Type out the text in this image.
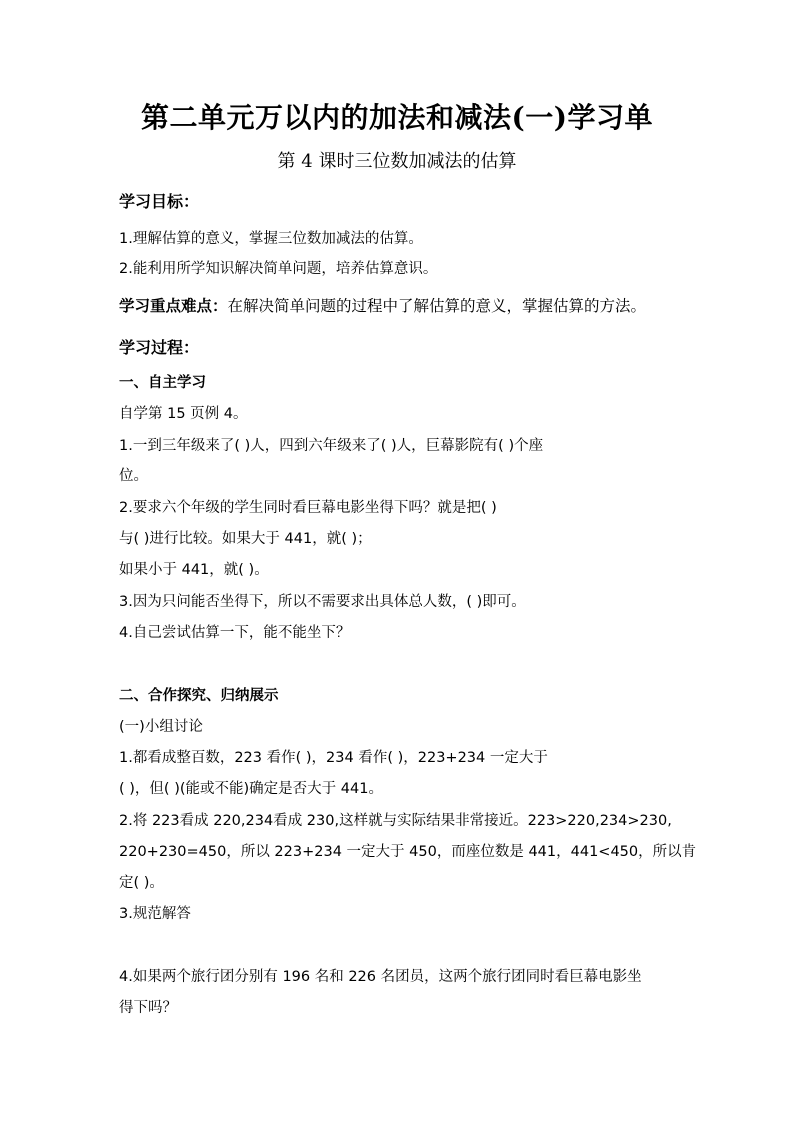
第二单元万以内的加法和减法(一)学习单
第 4 课时三位数加减法的估算
学习目标：
1.理解估算的意义，掌握三位数加减法的估算。
2.能利用所学知识解决简单问题，培养估算意识。
学习重点难点：在解决简单问题的过程中了解估算的意义，掌握估算的方法。
学习过程：
一、自主学习
自学第 15 页例 4。
1.一到三年级来了( )人，四到六年级来了( )人，巨幕影院有( )个座
位。
2.要求六个年级的学生同时看巨幕电影坐得下吗？就是把( )
与( )进行比较。如果大于 441，就( )；
如果小于 441，就( )。
3.因为只问能否坐得下，所以不需要求出具体总人数，( )即可。
4.自己尝试估算一下，能不能坐下？
二、合作探究、归纳展示
(一)小组讨论
1.都看成整百数，223 看作( )，234 看作( )，223+234 一定大于
( )，但( )(能或不能)确定是否大于 441。
2.将 223看成 220,234看成 230,这样就与实际结果非常接近。223>220,234>230,
220+230=450，所以 223+234 一定大于 450，而座位数是 441，441<450，所以肯
定( )。
3.规范解答
4.如果两个旅行团分别有 196 名和 226 名团员，这两个旅行团同时看巨幕电影坐
得下吗？
